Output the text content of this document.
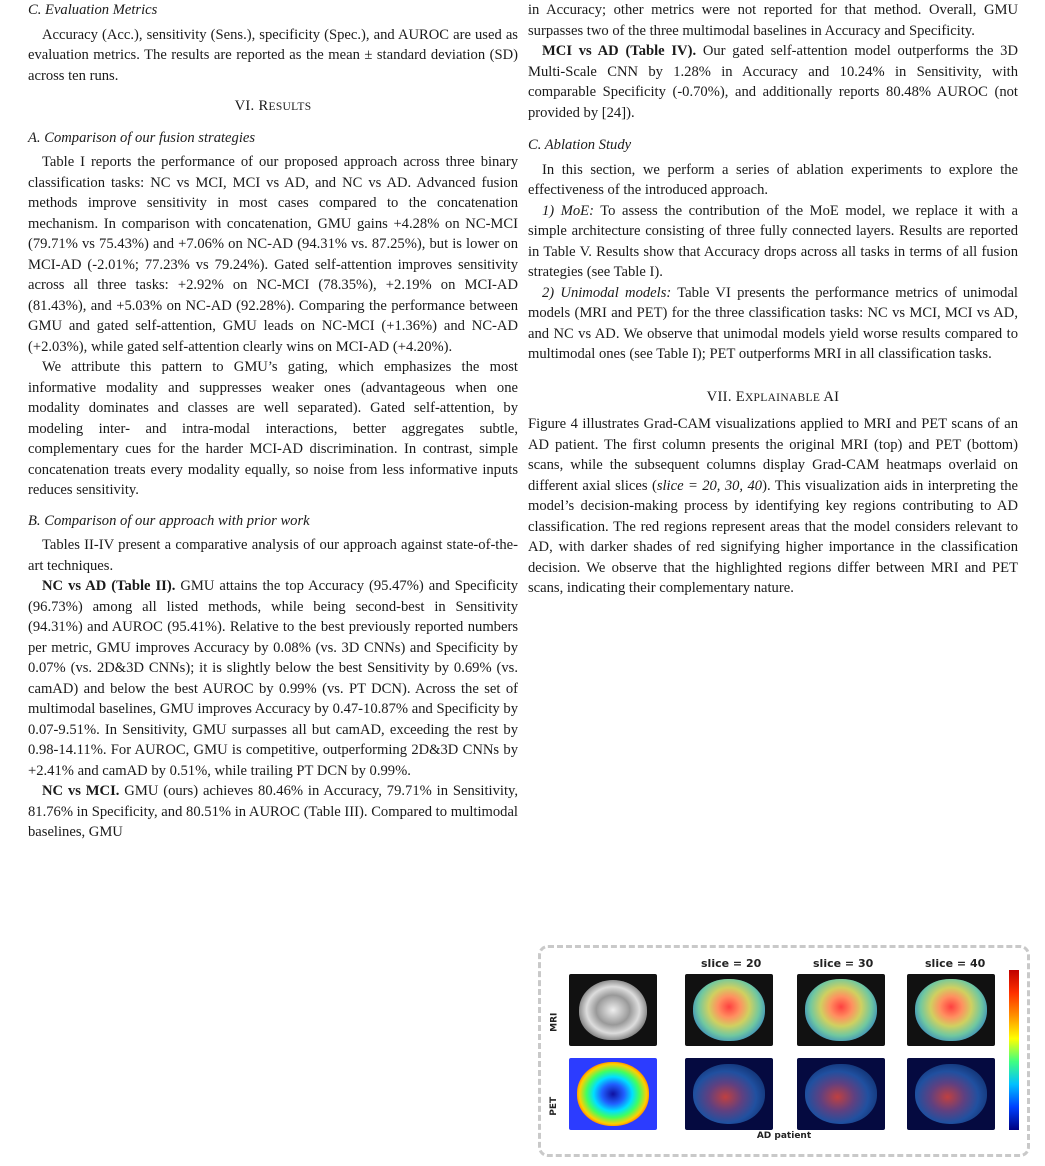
C. Evaluation Metrics

Accuracy (Acc.), sensitivity (Sens.), specificity (Spec.), and AUROC are used as evaluation metrics. The results are reported as the mean ± standard deviation (SD) across ten runs.

VI. RESULTS
A. Comparison of our fusion strategies

Table I reports the performance of our proposed approach across three binary classification tasks: NC vs MCI, MCI vs AD, and NC vs AD. Advanced fusion methods improve sensitivity in most cases compared to the concatenation mechanism. In comparison with concatenation, GMU gains +4.28% on NC-MCI (79.71% vs 75.43%) and +7.06% on NC-AD (94.31% vs. 87.25%), but is lower on MCI-AD (-2.01%; 77.23% vs 79.24%). Gated self-attention improves sensitivity across all three tasks: +2.92% on NC-MCI (78.35%), +2.19% on MCI-AD (81.43%), and +5.03% on NC-AD (92.28%). Comparing the performance between GMU and gated self-attention, GMU leads on NC-MCI (+1.36%) and NC-AD (+2.03%), while gated self-attention clearly wins on MCI-AD (+4.20%).

We attribute this pattern to GMU’s gating, which emphasizes the most informative modality and suppresses weaker ones (advantageous when one modality dominates and classes are well separated). Gated self-attention, by modeling inter- and intra-modal interactions, better aggregates subtle, complementary cues for the harder MCI-AD discrimination. In contrast, simple concatenation treats every modality equally, so noise from less informative inputs reduces sensitivity.

B. Comparison of our approach with prior work

Tables II-IV present a comparative analysis of our approach against state-of-the-art techniques.

NC vs AD (Table II). GMU attains the top Accuracy (95.47%) and Specificity (96.73%) among all listed methods, while being second-best in Sensitivity (94.31%) and AUROC (95.41%). Relative to the best previously reported numbers per metric, GMU improves Accuracy by 0.08% (vs. 3D CNNs) and Specificity by 0.07% (vs. 2D&3D CNNs); it is slightly below the best Sensitivity by 0.69% (vs. camAD) and below the best AUROC by 0.99% (vs. PT DCN). Across the set of multimodal baselines, GMU improves Accuracy by 0.47-10.87% and Specificity by 0.07-9.51%. In Sensitivity, GMU surpasses all but camAD, exceeding the rest by 0.98-14.11%. For AUROC, GMU is competitive, outperforming 2D&3D CNNs by +2.41% and camAD by 0.51%, while trailing PT DCN by 0.99%.

NC vs MCI. GMU (ours) achieves 80.46% in Accuracy, 79.71% in Sensitivity, 81.76% in Specificity, and 80.51% in AUROC (Table III). Compared to multimodal baselines, GMU

in Accuracy; other metrics were not reported for that method. Overall, GMU surpasses two of the three multimodal baselines in Accuracy and Specificity.

MCI vs AD (Table IV). Our gated self-attention model outperforms the 3D Multi-Scale CNN by 1.28% in Accuracy and 10.24% in Sensitivity, with comparable Specificity (-0.70%), and additionally reports 80.48% AUROC (not provided by [24]).

C. Ablation Study

In this section, we perform a series of ablation experiments to explore the effectiveness of the introduced approach.

1) MoE: To assess the contribution of the MoE model, we replace it with a simple architecture consisting of three fully connected layers. Results are reported in Table V. Results show that Accuracy drops across all tasks in terms of all fusion strategies (see Table I).

2) Unimodal models: Table VI presents the performance metrics of unimodal models (MRI and PET) for the three classification tasks: NC vs MCI, MCI vs AD, and NC vs AD. We observe that unimodal models yield worse results compared to multimodal ones (see Table I); PET outperforms MRI in all classification tasks.

VII. EXPLAINABLE AI

Figure 4 illustrates Grad-CAM visualizations applied to MRI and PET scans of an AD patient. The first column presents the original MRI (top) and PET (bottom) scans, while the subsequent columns display Grad-CAM heatmaps overlaid on different axial slices (slice = 20, 30, 40). This visualization aids in interpreting the model’s decision-making process by identifying key regions contributing to AD classification. The red regions represent areas that the model considers relevant to AD, with darker shades of red signifying higher importance in the classification decision. We observe that the highlighted regions differ between MRI and PET scans, indicating their complementary nature.

slice = 20	slice = 30	slice = 40
MRI
PET
AD patient
